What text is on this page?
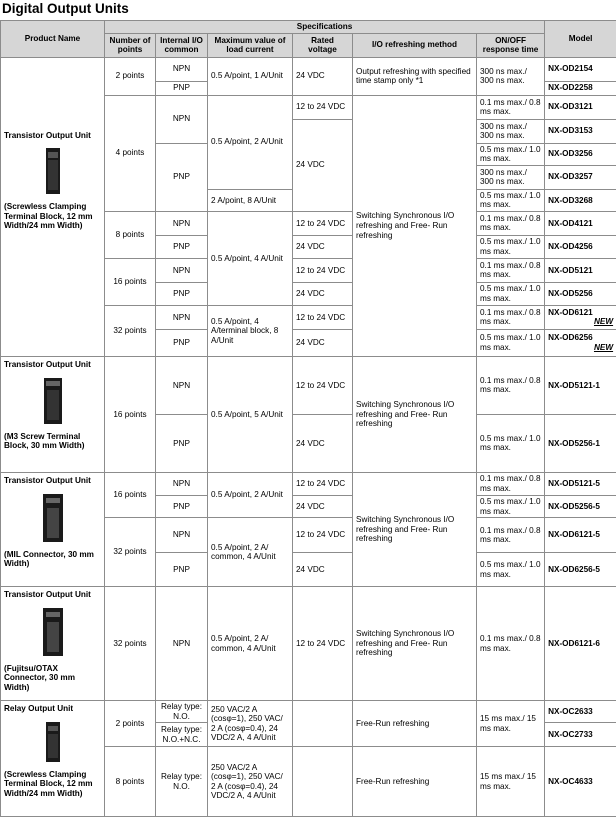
Digital Output Units
Product Name	Specifications						Model
	Number of points	Internal I/O common	Maximum value of load current	Rated voltage	I/O refreshing method	ON/OFF response time	

Transistor Output Unit
(Screwless Clamping Terminal Block, 12 mm Width/24 mm Width)	2 points	NPN	0.5 A/point, 1 A/Unit	24 VDC	Output refreshing with specified time stamp only *1	300 ns max./ 300 ns max.	NX-OD2154
		PNP					NX-OD2258
	4 points	NPN	0.5 A/point, 2 A/Unit	12 to 24 VDC	Switching Synchronous I/O refreshing and Free- Run refreshing	0.1 ms max./ 0.8 ms max.	NX-OD3121
				24 VDC		300 ns max./ 300 ns max.	NX-OD3153
		PNP				0.5 ms max./ 1.0 ms max.	NX-OD3256
						300 ns max./ 300 ns max.	NX-OD3257
			2 A/point, 8 A/Unit			0.5 ms max./ 1.0 ms max.	NX-OD3268
	8 points	NPN	0.5 A/point, 4 A/Unit	12 to 24 VDC		0.1 ms max./ 0.8 ms max.	NX-OD4121
		PNP		24 VDC		0.5 ms max./ 1.0 ms max.	NX-OD4256
	16 points	NPN		12 to 24 VDC		0.1 ms max./ 0.8 ms max.	NX-OD5121
		PNP		24 VDC		0.5 ms max./ 1.0 ms max.	NX-OD5256
	32 points	NPN	0.5 A/point, 4 A/terminal block, 8 A/Unit	12 to 24 VDC		0.1 ms max./ 0.8 ms max.	NX-OD6121
NEW

		PNP		24 VDC		0.5 ms max./ 1.0 ms max.	NX-OD6256
NEW

Transistor Output Unit
(M3 Screw Terminal Block, 30 mm Width)	16 points	NPN	0.5 A/point, 5 A/Unit	12 to 24 VDC	Switching Synchronous I/O refreshing and Free- Run refreshing	0.1 ms max./ 0.8 ms max.	NX-OD5121-1
		PNP		24 VDC		0.5 ms max./ 1.0 ms max.	NX-OD5256-1

Transistor Output Unit
(MIL Connector, 30 mm Width)	16 points	NPN	0.5 A/point, 2 A/Unit	12 to 24 VDC	Switching Synchronous I/O refreshing and Free- Run refreshing	0.1 ms max./ 0.8 ms max.	NX-OD5121-5
		PNP		24 VDC		0.5 ms max./ 1.0 ms max.	NX-OD5256-5
	32 points	NPN	0.5 A/point, 2 A/ common, 4 A/Unit	12 to 24 VDC		0.1 ms max./ 0.8 ms max.	NX-OD6121-5
		PNP		24 VDC		0.5 ms max./ 1.0 ms max.	NX-OD6256-5

Transistor Output Unit
(Fujitsu/OTAX Connector, 30 mm Width)	32 points	NPN	0.5 A/point, 2 A/ common, 4 A/Unit	12 to 24 VDC	Switching Synchronous I/O refreshing and Free- Run refreshing	0.1 ms max./ 0.8 ms max.	NX-OD6121-6

Relay Output Unit
(Screwless Clamping Terminal Block, 12 mm Width/24 mm Width)	2 points	Relay type: N.O.	250 VAC/2 A (cosφ=1), 250 VAC/ 2 A (cosφ=0.4), 24 VDC/2 A, 4 A/Unit		Free-Run refreshing	15 ms max./ 15 ms max.	NX-OC2633
		Relay type: N.O.+N.C.					NX-OC2733
	8 points	Relay type: N.O.	250 VAC/2 A (cosφ=1), 250 VAC/ 2 A (cosφ=0.4), 24 VDC/2 A, 4 A/Unit		Free-Run refreshing	15 ms max./ 15 ms max.	NX-OC4633
